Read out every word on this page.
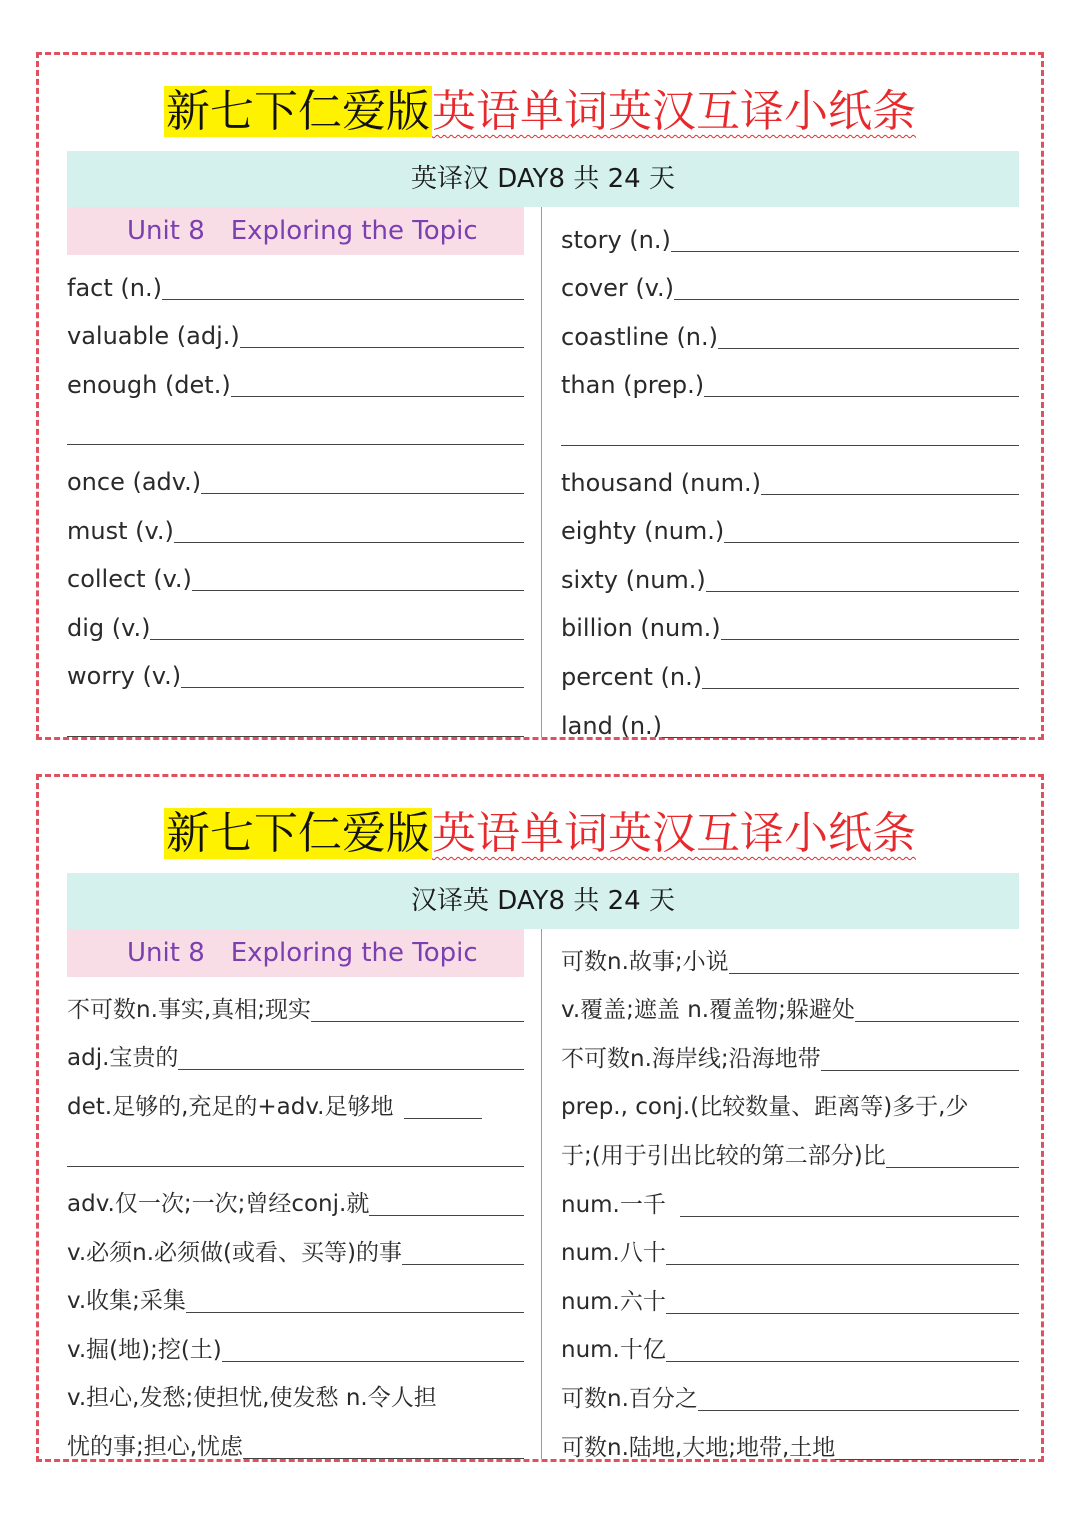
新七下仁爱版英语单词英汉互译小纸条
英译汉 DAY8 共 24 天
Unit 8 Exploring the Topic
fact (n.)
valuable (adj.)
enough (det.)
once (adv.)
must (v.)
collect (v.)
dig (v.)
worry (v.)
story (n.)
cover (v.)
coastline (n.)
than (prep.)
thousand (num.)
eighty (num.)
sixty (num.)
billion (num.)
percent (n.)
land (n.)
新七下仁爱版英语单词英汉互译小纸条
汉译英 DAY8 共 24 天
Unit 8 Exploring the Topic
不可数n.事实,真相;现实
adj.宝贵的
det.足够的,充足的+adv.足够地
adv.仅一次;一次;曾经conj.就
v.必须n.必须做(或看、买等)的事
v.收集;采集
v.掘(地);挖(土)
v.担心,发愁;使担忧,使发愁 n.令人担
忧的事;担心,忧虑
可数n.故事;小说
v.覆盖;遮盖 n.覆盖物;躲避处
不可数n.海岸线;沿海地带
prep., conj.(比较数量、距离等)多于,少
于;(用于引出比较的第二部分)比
num.一千
num.八十
num.六十
num.十亿
可数n.百分之
可数n.陆地,大地;地带,土地
